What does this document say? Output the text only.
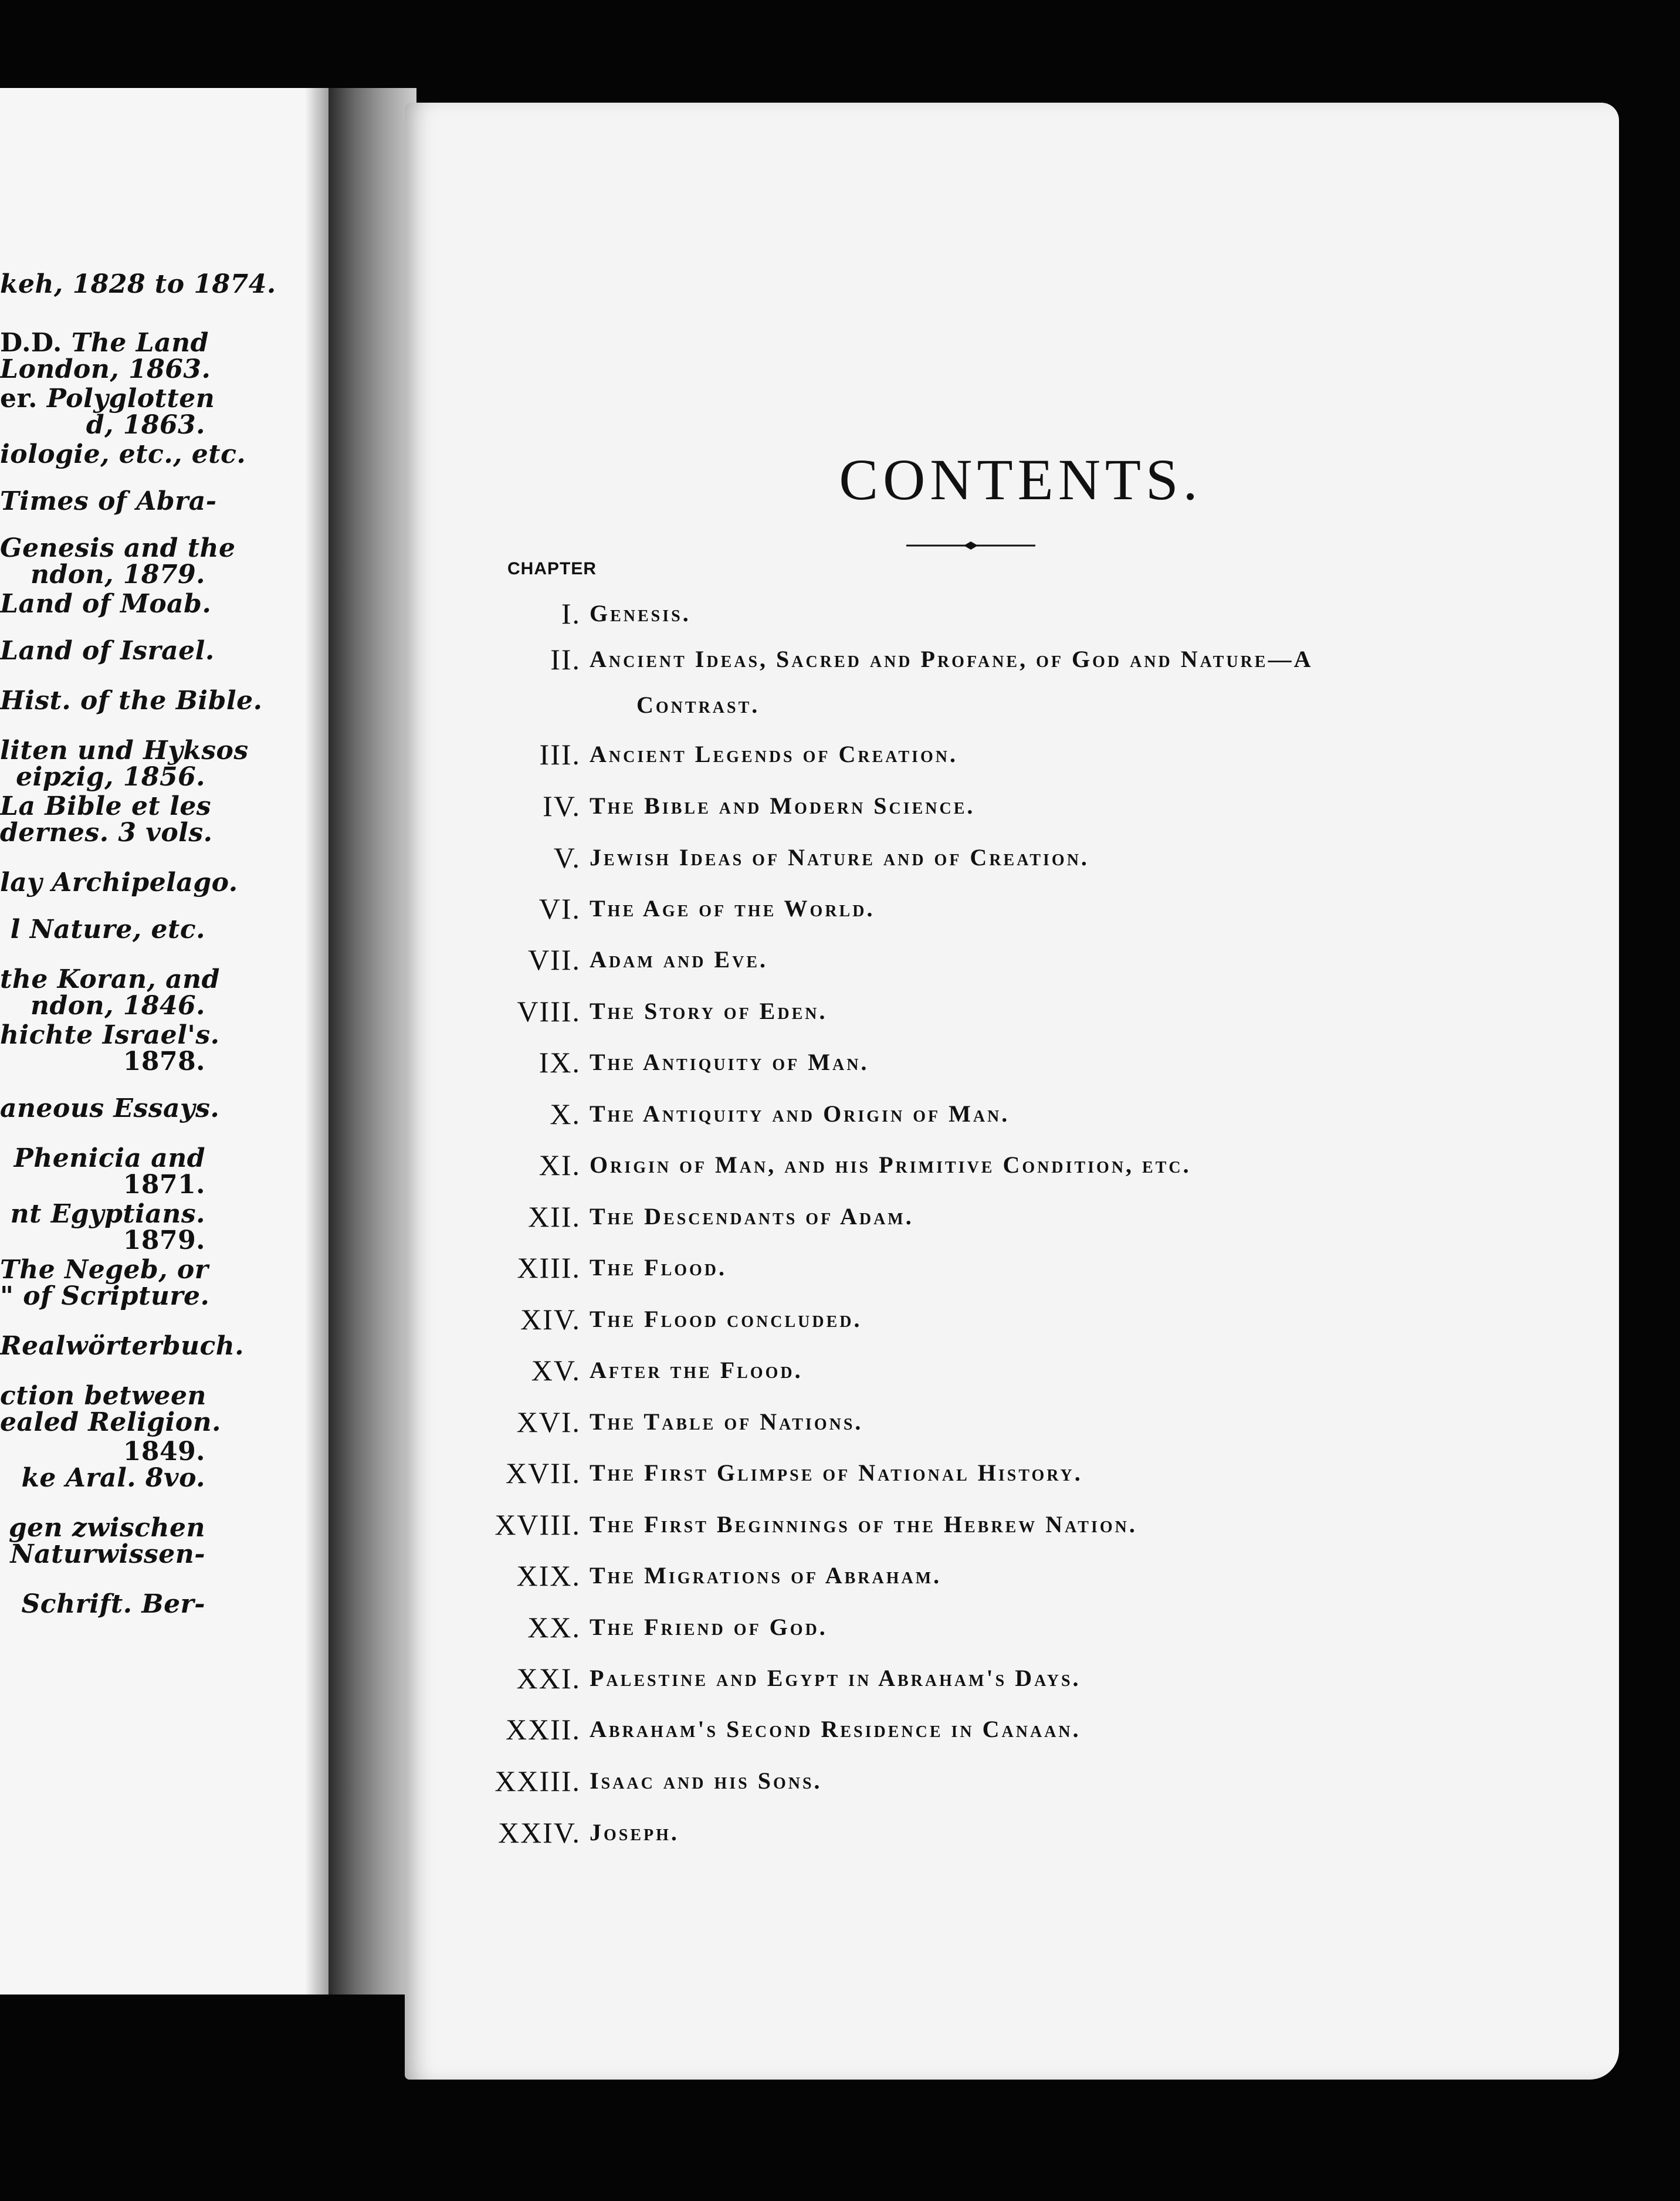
keh, 1828 to 1874.
D.D. The Land
London, 1863.
er. Polyglotten
d, 1863.
iologie, etc., etc.
Times of Abra-
Genesis and the
ndon, 1879.
Land of Moab.
Land of Israel.
Hist. of the Bible.
liten und Hyksos
eipzig, 1856.
La Bible et les
dernes. 3 vols.
lay Archipelago.
l Nature, etc.
the Koran, and
ndon, 1846.
hichte Israel's.
1878.
aneous Essays.
Phenicia and
1871.
nt Egyptians.
1879.
The Negeb, or
" of Scripture.
Realwörterbuch.
ction between
ealed Religion.
1849.
ke Aral. 8vo.
gen zwischen
Naturwissen-
Schrift. Ber-
CONTENTS.
CHAPTER
I. Genesis.
II. Ancient Ideas, Sacred and Profane, of God and Nature—A
Contrast.
III. Ancient Legends of Creation.
IV. The Bible and Modern Science.
V. Jewish Ideas of Nature and of Creation.
VI. The Age of the World.
VII. Adam and Eve.
VIII. The Story of Eden.
IX. The Antiquity of Man.
X. The Antiquity and Origin of Man.
XI. Origin of Man, and his Primitive Condition, etc.
XII. The Descendants of Adam.
XIII. The Flood.
XIV. The Flood concluded.
XV. After the Flood.
XVI. The Table of Nations.
XVII. The First Glimpse of National History.
XVIII. The First Beginnings of the Hebrew Nation.
XIX. The Migrations of Abraham.
XX. The Friend of God.
XXI. Palestine and Egypt in Abraham's Days.
XXII. Abraham's Second Residence in Canaan.
XXIII. Isaac and his Sons.
XXIV. Joseph.
